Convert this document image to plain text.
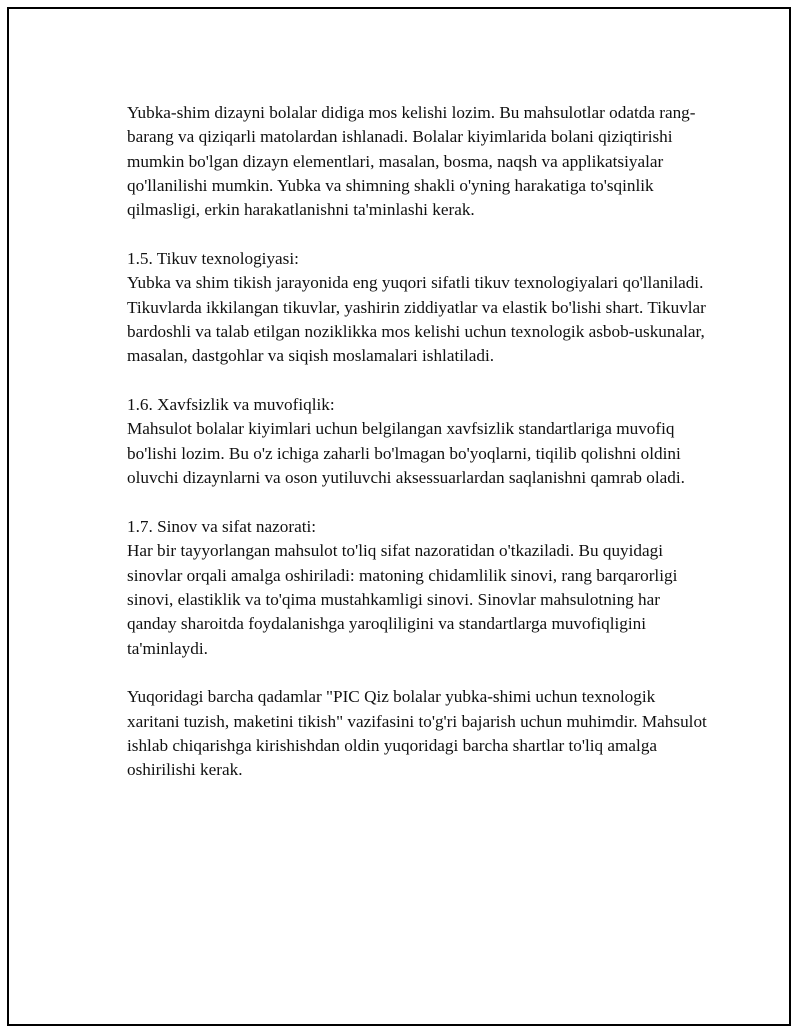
Yubka-shim dizayni bolalar didiga mos kelishi lozim. Bu mahsulotlar odatda rang-barang va qiziqarli matolardan ishlanadi. Bolalar kiyimlarida bolani qiziqtirishi mumkin bo'lgan dizayn elementlari, masalan, bosma, naqsh va applikatsiyalar qo'llanilishi mumkin. Yubka va shimning shakli o'yning harakatiga to'sqinlik qilmasligi, erkin harakatlanishni ta'minlashi kerak.

1.5. Tikuv texnologiyasi:
Yubka va shim tikish jarayonida eng yuqori sifatli tikuv texnologiyalari qo'llaniladi. Tikuvlarda ikkilangan tikuvlar, yashirin ziddiyatlar va elastik bo'lishi shart. Tikuvlar bardoshli va talab etilgan noziklikka mos kelishi uchun texnologik asbob-uskunalar, masalan, dastgohlar va siqish moslamalari ishlatiladi.

1.6. Xavfsizlik va muvofiqlik:
Mahsulot bolalar kiyimlari uchun belgilangan xavfsizlik standartlariga muvofiq bo'lishi lozim. Bu o'z ichiga zaharli bo'lmagan bo'yoqlarni, tiqilib qolishni oldini oluvchi dizaynlarni va oson yutiluvchi aksessuarlardan saqlanishni qamrab oladi.

1.7. Sinov va sifat nazorati:
Har bir tayyorlangan mahsulot to'liq sifat nazoratidan o'tkaziladi. Bu quyidagi sinovlar orqali amalga oshiriladi: matoning chidamlilik sinovi, rang barqarorligi sinovi, elastiklik va to'qima mustahkamligi sinovi. Sinovlar mahsulotning har qanday sharoitda foydalanishga yaroqliligini va standartlarga muvofiqligini ta'minlaydi.

Yuqoridagi barcha qadamlar "PIC Qiz bolalar yubka-shimi uchun texnologik xaritani tuzish, maketini tikish" vazifasini to'g'ri bajarish uchun muhimdir. Mahsulot ishlab chiqarishga kirishishdan oldin yuqoridagi barcha shartlar to'liq amalga oshirilishi kerak.
